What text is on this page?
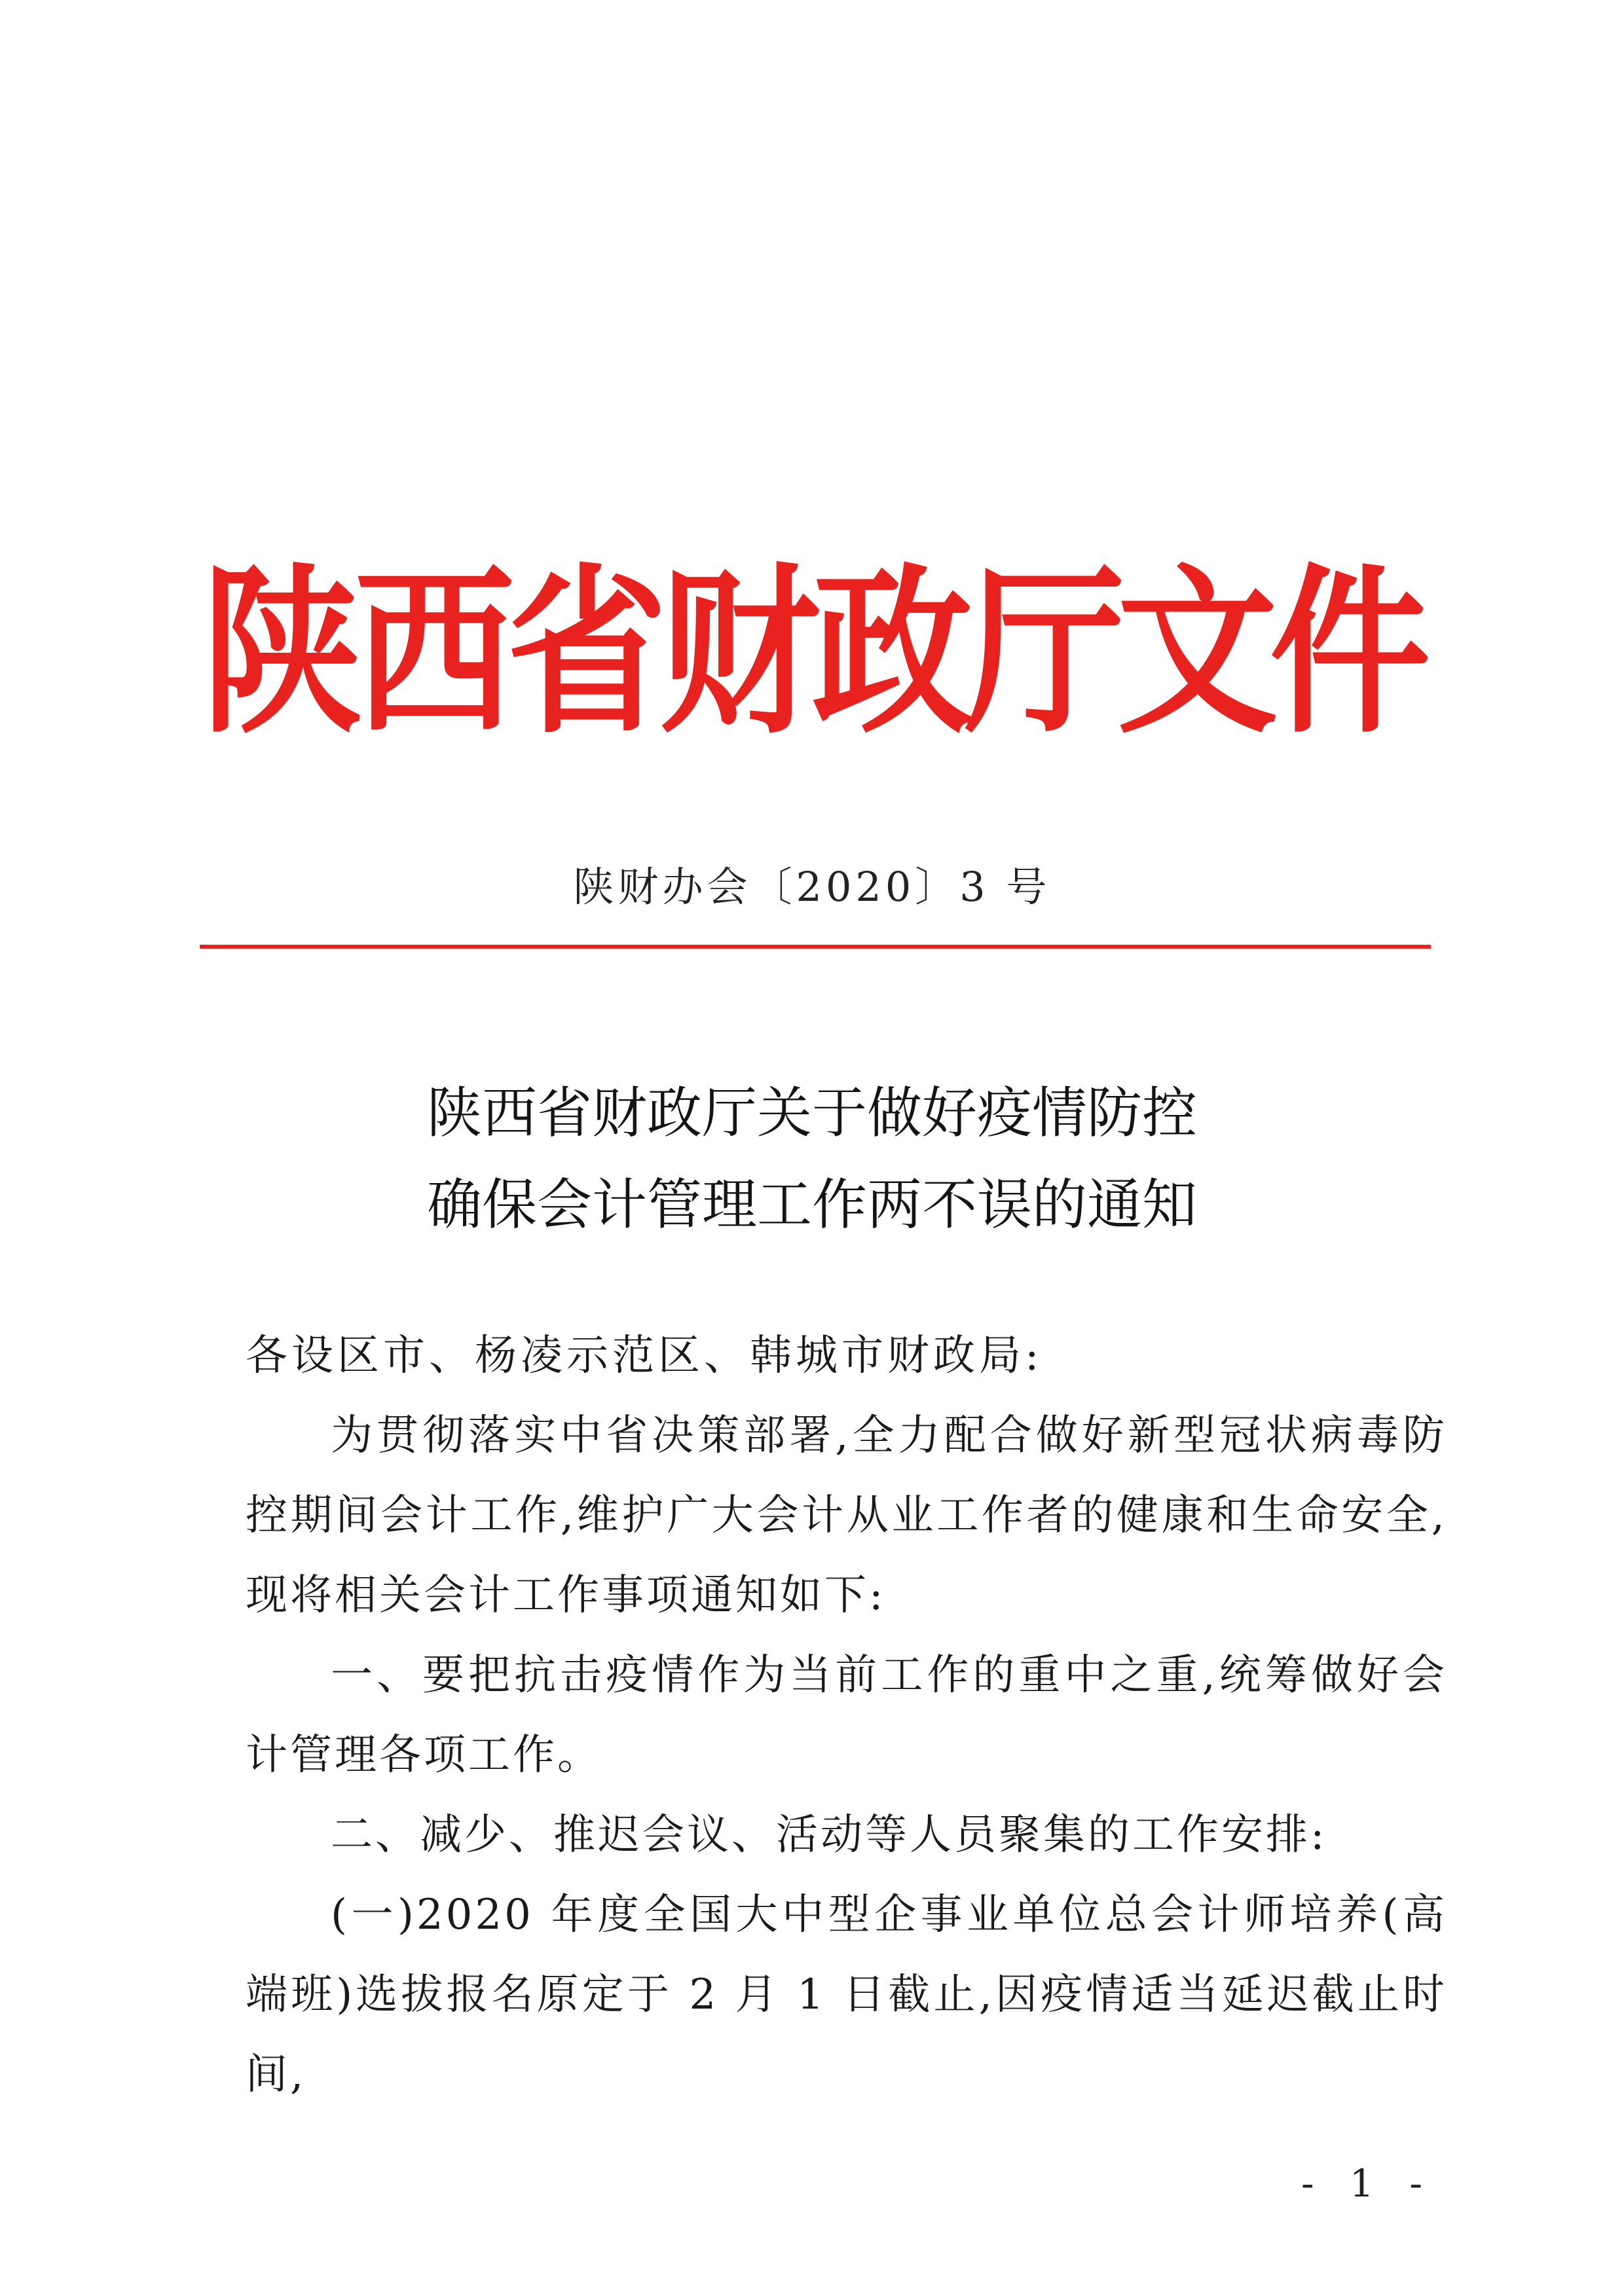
陕西省财政厅文件
陕财办会〔2020〕3 号
陕西省财政厅关于做好疫情防控
确保会计管理工作两不误的通知

各设区市、杨凌示范区、韩城市财政局:

为贯彻落实中省决策部署,全力配合做好新型冠状病毒防控期间会计工作,维护广大会计从业工作者的健康和生命安全,现将相关会计工作事项通知如下:

一、要把抗击疫情作为当前工作的重中之重,统筹做好会计管理各项工作。

二、减少、推迟会议、活动等人员聚集的工作安排:

(一)2020 年度全国大中型企事业单位总会计师培养(高端班)选拔报名原定于 2 月 1 日截止,因疫情适当延迟截止时间,

- 1 -
